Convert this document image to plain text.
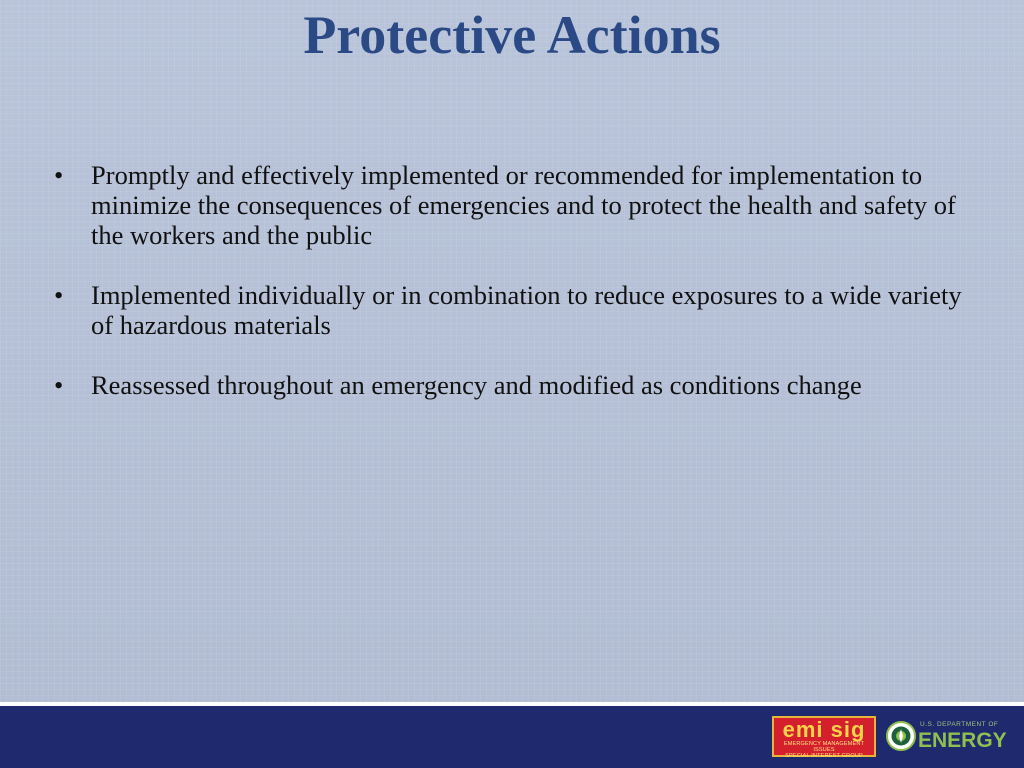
Protective Actions
• Promptly and effectively implemented or recommended for implementation to minimize the consequences of emergencies and to protect the health and safety of the workers and the public
• Implemented individually or in combination to reduce exposures to a wide variety of hazardous materials
• Reassessed throughout an emergency and modified as conditions change
emi sig
EMERGENCY MANAGEMENT ISSUES
SPECIAL INTEREST GROUP
U.S. DEPARTMENT OF
ENERGY
